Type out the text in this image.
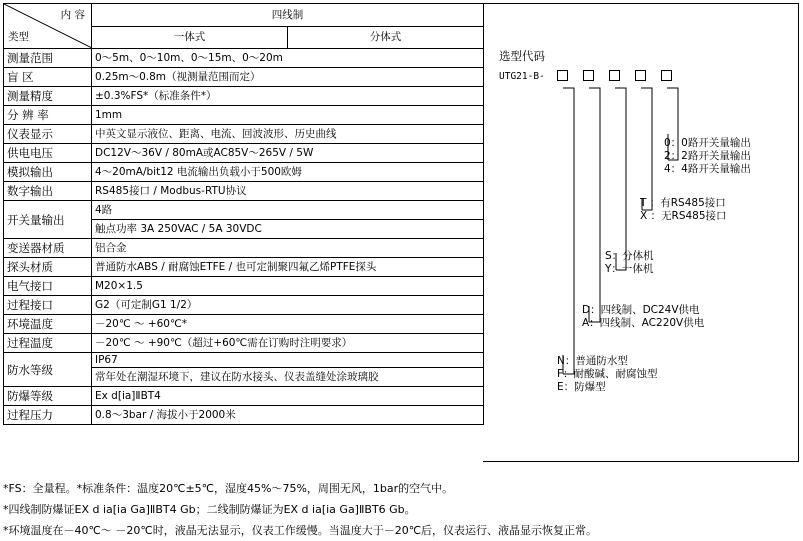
内 容
类型	四线制	
	一体式	分体式
测量范围	0～5m、0～10m、0～15m、0～20m	
盲 区	0.25m～0.8m（视测量范围而定）	
测量精度	±0.3%FS*（标准条件*）	
分 辨 率	1mm	
仪表显示	中英文显示液位、距离、电流、回波波形、历史曲线	
供电电压	DC12V～36V / 80mA或AC85V～265V / 5W	
模拟输出	4～20mA/bit12 电流输出负载小于500欧姆	
数字输出	RS485接口 / Modbus-RTU协议	
开关量输出	4路	
	触点功率 3A 250VAC / 5A 30VDC	
变送器材质	铝合金	
探头材质	普通防水ABS / 耐腐蚀ETFE / 也可定制聚四氟乙烯PTFE探头	
电气接口	M20×1.5	
过程接口	G2（可定制G1 1/2）	
环境温度	－20℃ ～ +60℃*	
过程温度	－20℃ ～ +90℃（超过+60℃需在订购时注明要求）	
防水等级	IP67	
	常年处在潮湿环境下，建议在防水接头、仪表盖缝处涂玻璃胶	
防爆等级	Ex d[ia]ⅡBT4	
过程压力	0.8～3bar / 海拔小于2000米	
选型代码
UTG21-B-
0：0路开关量输出
2：2路开关量输出
4：4路开关量输出
T ：有RS485接口
X ：无RS485接口
S：分体机
Y：一体机
D：四线制、DC24V供电
A：四线制、AC220V供电
N：普通防水型
F：耐酸碱、耐腐蚀型
E：防爆型
*FS：全量程。*标准条件：温度20℃±5℃，湿度45%～75%，周围无风，1bar的空气中。
*四线制防爆证EX d ia[ia Ga]ⅡBT4 Gb；二线制防爆证为EX d ia[ia Ga]ⅡBT6 Gb。
*环境温度在－40℃～ －20℃时，液晶无法显示，仪表工作缓慢。当温度大于－20℃后，仪表运行、液晶显示恢复正常。
